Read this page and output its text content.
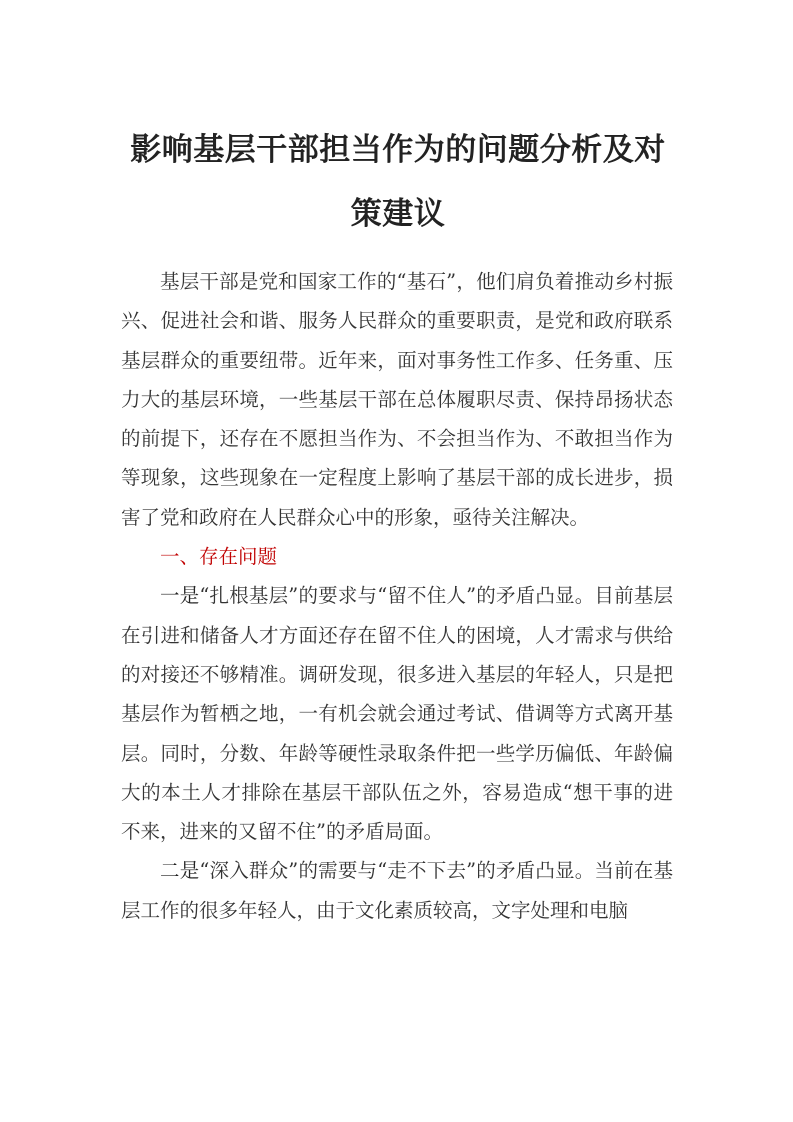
影响基层干部担当作为的问题分析及对策建议

基层干部是党和国家工作的“基石”，他们肩负着推动乡村振兴、促进社会和谐、服务人民群众的重要职责，是党和政府联系基层群众的重要纽带。近年来，面对事务性工作多、任务重、压力大的基层环境，一些基层干部在总体履职尽责、保持昂扬状态的前提下，还存在不愿担当作为、不会担当作为、不敢担当作为等现象，这些现象在一定程度上影响了基层干部的成长进步，损害了党和政府在人民群众心中的形象，亟待关注解决。

一、存在问题

一是“扎根基层”的要求与“留不住人”的矛盾凸显。目前基层在引进和储备人才方面还存在留不住人的困境，人才需求与供给的对接还不够精准。调研发现，很多进入基层的年轻人，只是把基层作为暂栖之地，一有机会就会通过考试、借调等方式离开基层。同时，分数、年龄等硬性录取条件把一些学历偏低、年龄偏大的本土人才排除在基层干部队伍之外，容易造成“想干事的进不来，进来的又留不住”的矛盾局面。

二是“深入群众”的需要与“走不下去”的矛盾凸显。当前在基层工作的很多年轻人，由于文化素质较高，文字处理和电脑
